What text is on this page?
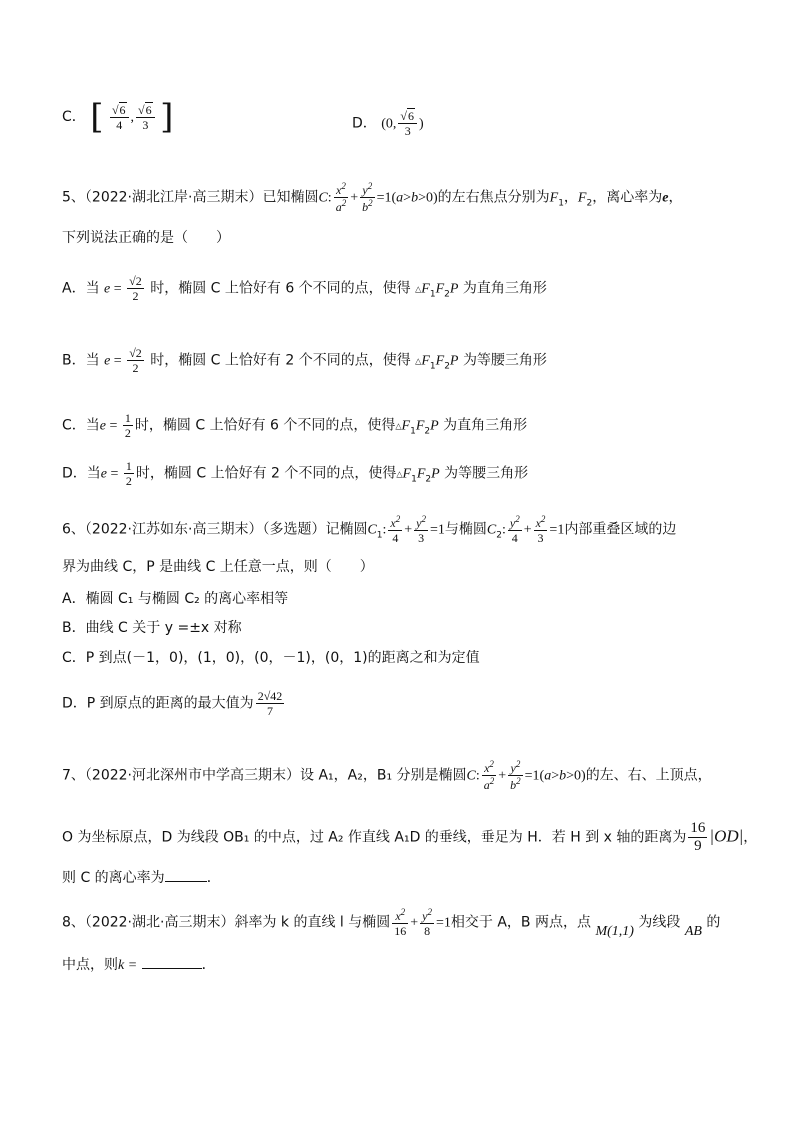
C． [ $\frac{√6}{4}$ , $\frac{√6}{3}$ ]	D． (0, $\frac{√6}{3}$ )
5、（2022·湖北江岸·高三期末）已知椭圆C: $\frac{x^2}{a^2} + \frac{y^2}{b^2} =1(a>b>0)$的左右焦点分别为$F_1$，$F_2$，离心率为e，
下列说法正确的是（　　）
A．当 $e = \frac{√2}{2}$ 时，椭圆 C 上恰好有 6 个不同的点，使得 $\triangle F_1F_2P$ 为直角三角形
B．当 $e = \frac{√2}{2}$ 时，椭圆 C 上恰好有 2 个不同的点，使得 $\triangle F_1F_2P$ 为等腰三角形
C．当$e = \frac{1}{2}$ 时，椭圆 C 上恰好有 6 个不同的点，使得$\triangle F_1F_2P$ 为直角三角形
D．当$e = \frac{1}{2}$ 时，椭圆 C 上恰好有 2 个不同的点，使得$\triangle F_1F_2P$ 为等腰三角形
6、（2022·江苏如东·高三期末）（多选题）记椭圆$C_1$: $\frac{x^2}{4} + \frac{y^2}{3} =1$与椭圆$C_2$: $\frac{y^2}{4} + \frac{x^2}{3} =1$内部重叠区域的边
界为曲线 C，P 是曲线 C 上任意一点，则（　　）
A．椭圆 C₁ 与椭圆 C₂ 的离心率相等
B．曲线 C 关于 y =±x 对称
C．P 到点(－1，0)，(1，0)，(0，－1)，(0，1)的距离之和为定值
D．P 到原点的距离的最大值为 $\frac{2√42}{7}$
7、（2022·河北深州市中学高三期末）设 A₁，A₂，B₁ 分别是椭圆C: $\frac{x^2}{a^2} + \frac{y^2}{b^2} =1(a>b>0)$的左、右、上顶点，
O 为坐标原点，D 为线段 OB₁ 的中点，过 A₂ 作直线 A₁D 的垂线，垂足为 H．若 H 到 x 轴的距离为 $\frac{16}{9} |OD|$，
则 C 的离心率为	．
8、（2022·湖北·高三期末）斜率为 k 的直线 l 与椭圆 $\frac{x^2}{16} + \frac{y^2}{8} =1$相交于 A，B 两点，点 M(1,1) 为线段 AB 的
中点，则k =	．
